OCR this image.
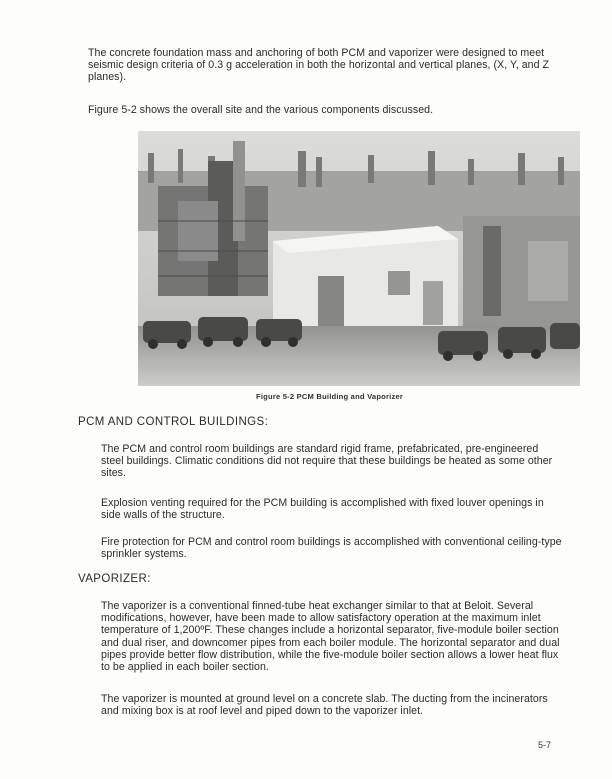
The concrete foundation mass and anchoring of both PCM and vaporizer were designed to meet seismic design criteria of 0.3 g acceleration in both the horizontal and vertical planes, (X, Y, and Z planes).
Figure 5-2 shows the overall site and the various components discussed.
Figure 5-2 PCM Building and Vaporizer
PCM AND CONTROL BUILDINGS:
The PCM and control room buildings are standard rigid frame, prefabricated, pre-engineered steel buildings. Climatic conditions did not require that these buildings be heated as some other sites.
Explosion venting required for the PCM building is accomplished with fixed louver openings in side walls of the structure.
Fire protection for PCM and control room buildings is accomplished with conventional ceiling-type sprinkler systems.
VAPORIZER:
The vaporizer is a conventional finned-tube heat exchanger similar to that at Beloit. Several modifications, however, have been made to allow satisfactory operation at the maximum inlet temperature of 1,200ºF. These changes include a horizontal separator, five-module boiler section and dual riser, and downcomer pipes from each boiler module. The horizontal separator and dual pipes provide better flow distribution, while the five-module boiler section allows a lower heat flux to be applied in each boiler section.
The vaporizer is mounted at ground level on a concrete slab. The ducting from the incinerators and mixing box is at roof level and piped down to the vaporizer inlet.
5-7
